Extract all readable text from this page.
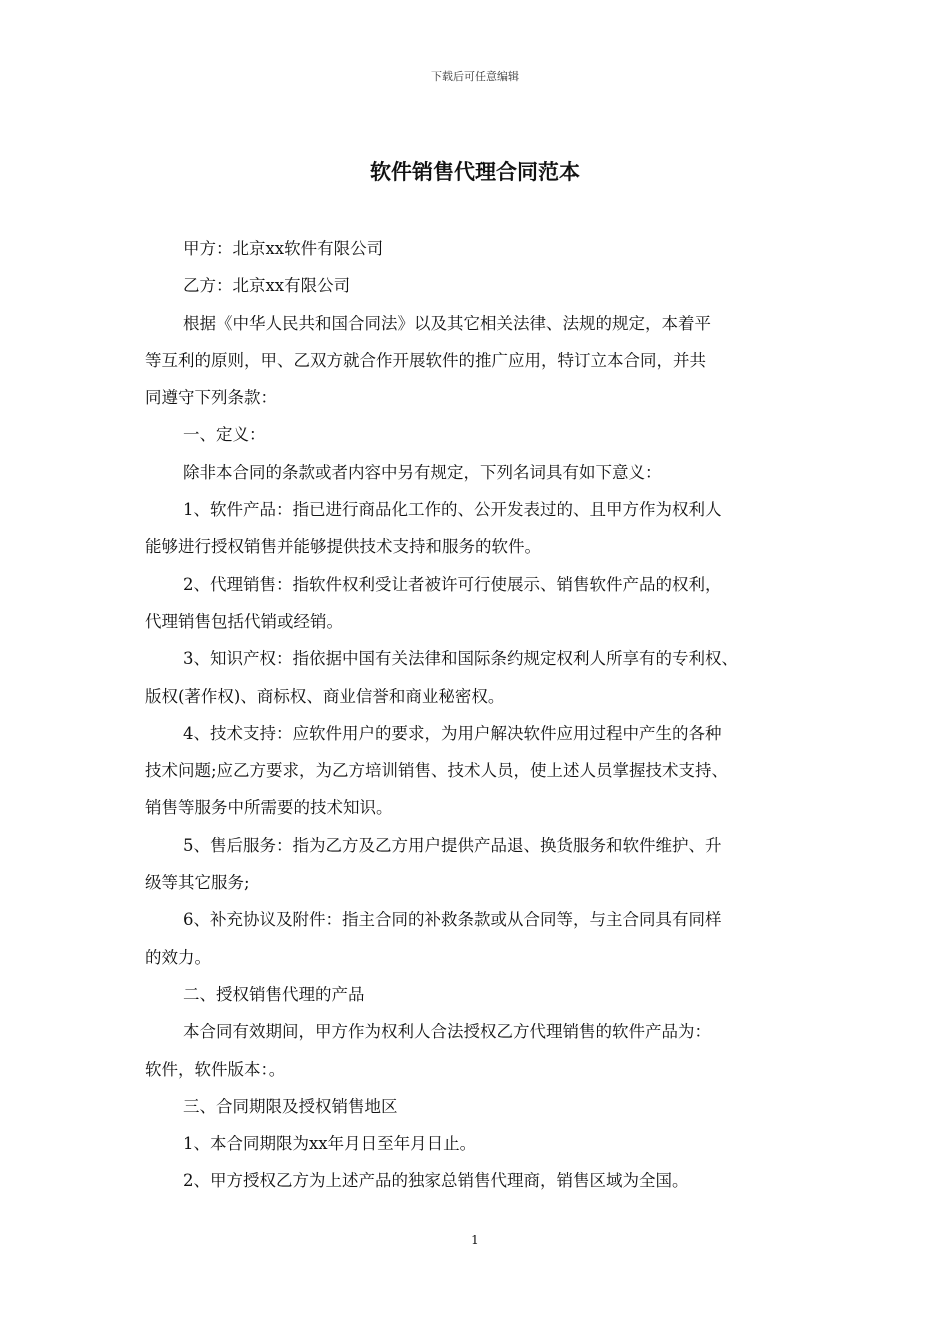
下载后可任意编辑
软件销售代理合同范本

甲方：北京xx软件有限公司

乙方：北京xx有限公司

根据《中华人民共和国合同法》以及其它相关法律、法规的规定，本着平

等互利的原则，甲、乙双方就合作开展软件的推广应用，特订立本合同，并共

同遵守下列条款：

一、定义：

除非本合同的条款或者内容中另有规定，下列名词具有如下意义：

1、软件产品：指已进行商品化工作的、公开发表过的、且甲方作为权利人

能够进行授权销售并能够提供技术支持和服务的软件。

2、代理销售：指软件权利受让者被许可行使展示、销售软件产品的权利，

代理销售包括代销或经销。

3、知识产权：指依据中国有关法律和国际条约规定权利人所享有的专利权、

版权(著作权)、商标权、商业信誉和商业秘密权。

4、技术支持：应软件用户的要求，为用户解决软件应用过程中产生的各种

技术问题;应乙方要求，为乙方培训销售、技术人员，使上述人员掌握技术支持、

销售等服务中所需要的技术知识。

5、售后服务：指为乙方及乙方用户提供产品退、换货服务和软件维护、升

级等其它服务;

6、补充协议及附件：指主合同的补救条款或从合同等，与主合同具有同样

的效力。

二、授权销售代理的产品

本合同有效期间，甲方作为权利人合法授权乙方代理销售的软件产品为：

软件，软件版本：。

三、合同期限及授权销售地区

1、本合同期限为xx年月日至年月日止。

2、甲方授权乙方为上述产品的独家总销售代理商，销售区域为全国。

1
